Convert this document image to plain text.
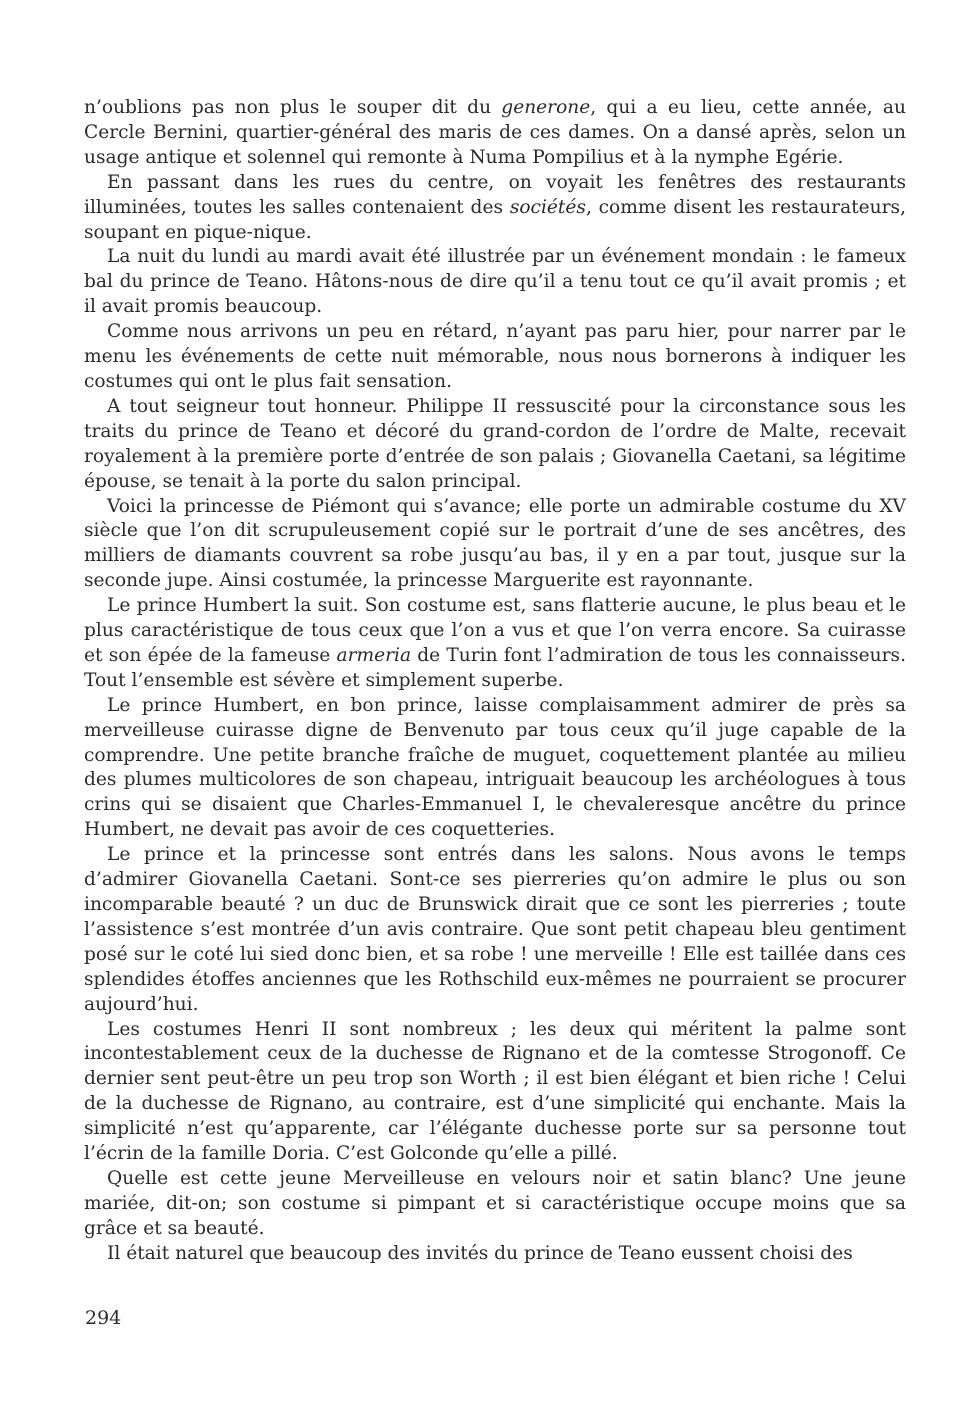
n’oublions pas non plus le souper dit du generone, qui a eu lieu, cette année, au Cercle Bernini, quartier-général des maris de ces dames. On a dansé après, selon un usage antique et solennel qui remonte à Numa Pompilius et à la nymphe Egérie.

En passant dans les rues du centre, on voyait les fenêtres des restaurants illuminées, toutes les salles contenaient des sociétés, comme disent les restaurateurs, soupant en pique-nique.

La nuit du lundi au mardi avait été illustrée par un événement mondain : le fameux bal du prince de Teano. Hâtons-nous de dire qu’il a tenu tout ce qu’il avait promis ; et il avait promis beaucoup.

Comme nous arrivons un peu en rétard, n’ayant pas paru hier, pour narrer par le menu les événements de cette nuit mémorable, nous nous bornerons à indiquer les costumes qui ont le plus fait sensation.

A tout seigneur tout honneur. Philippe II ressuscité pour la circonstance sous les traits du prince de Teano et décoré du grand-cordon de l’ordre de Malte, recevait royalement à la première porte d’entrée de son palais ; Giovanella Caetani, sa légitime épouse, se tenait à la porte du salon principal.

Voici la princesse de Piémont qui s’avance; elle porte un admirable costume du XV siècle que l’on dit scrupuleusement copié sur le portrait d’une de ses ancêtres, des milliers de diamants couvrent sa robe jusqu’au bas, il y en a par tout, jusque sur la seconde jupe. Ainsi costumée, la princesse Marguerite est rayonnante.

Le prince Humbert la suit. Son costume est, sans flatterie aucune, le plus beau et le plus caractéristique de tous ceux que l’on a vus et que l’on verra encore. Sa cuirasse et son épée de la fameuse armeria de Turin font l’admiration de tous les connaisseurs. Tout l’ensemble est sévère et simplement superbe.

Le prince Humbert, en bon prince, laisse complaisamment admirer de près sa merveilleuse cuirasse digne de Benvenuto par tous ceux qu’il juge capable de la comprendre. Une petite branche fraîche de muguet, coquettement plantée au milieu des plumes multicolores de son chapeau, intriguait beaucoup les archéologues à tous crins qui se disaient que Charles-Emmanuel I, le chevaleresque ancêtre du prince Humbert, ne devait pas avoir de ces coquetteries.

Le prince et la princesse sont entrés dans les salons. Nous avons le temps d’admirer Giovanella Caetani. Sont-ce ses pierreries qu’on admire le plus ou son incomparable beauté ? un duc de Brunswick dirait que ce sont les pierreries ; toute l’assistence s’est montrée d’un avis contraire. Que sont petit chapeau bleu gentiment posé sur le coté lui sied donc bien, et sa robe ! une merveille ! Elle est taillée dans ces splendides étoffes anciennes que les Rothschild eux-mêmes ne pourraient se procurer aujourd’hui.

Les costumes Henri II sont nombreux ; les deux qui méritent la palme sont incontestablement ceux de la duchesse de Rignano et de la comtesse Strogonoff. Ce dernier sent peut-être un peu trop son Worth ; il est bien élégant et bien riche ! Celui de la duchesse de Rignano, au contraire, est d’une simplicité qui enchante. Mais la simplicité n’est qu’apparente, car l’élégante duchesse porte sur sa personne tout l’écrin de la famille Doria. C’est Golconde qu’elle a pillé.

Quelle est cette jeune Merveilleuse en velours noir et satin blanc? Une jeune mariée, dit-on; son costume si pimpant et si caractéristique occupe moins que sa grâce et sa beauté.

Il était naturel que beaucoup des invités du prince de Teano eussent choisi des

294
